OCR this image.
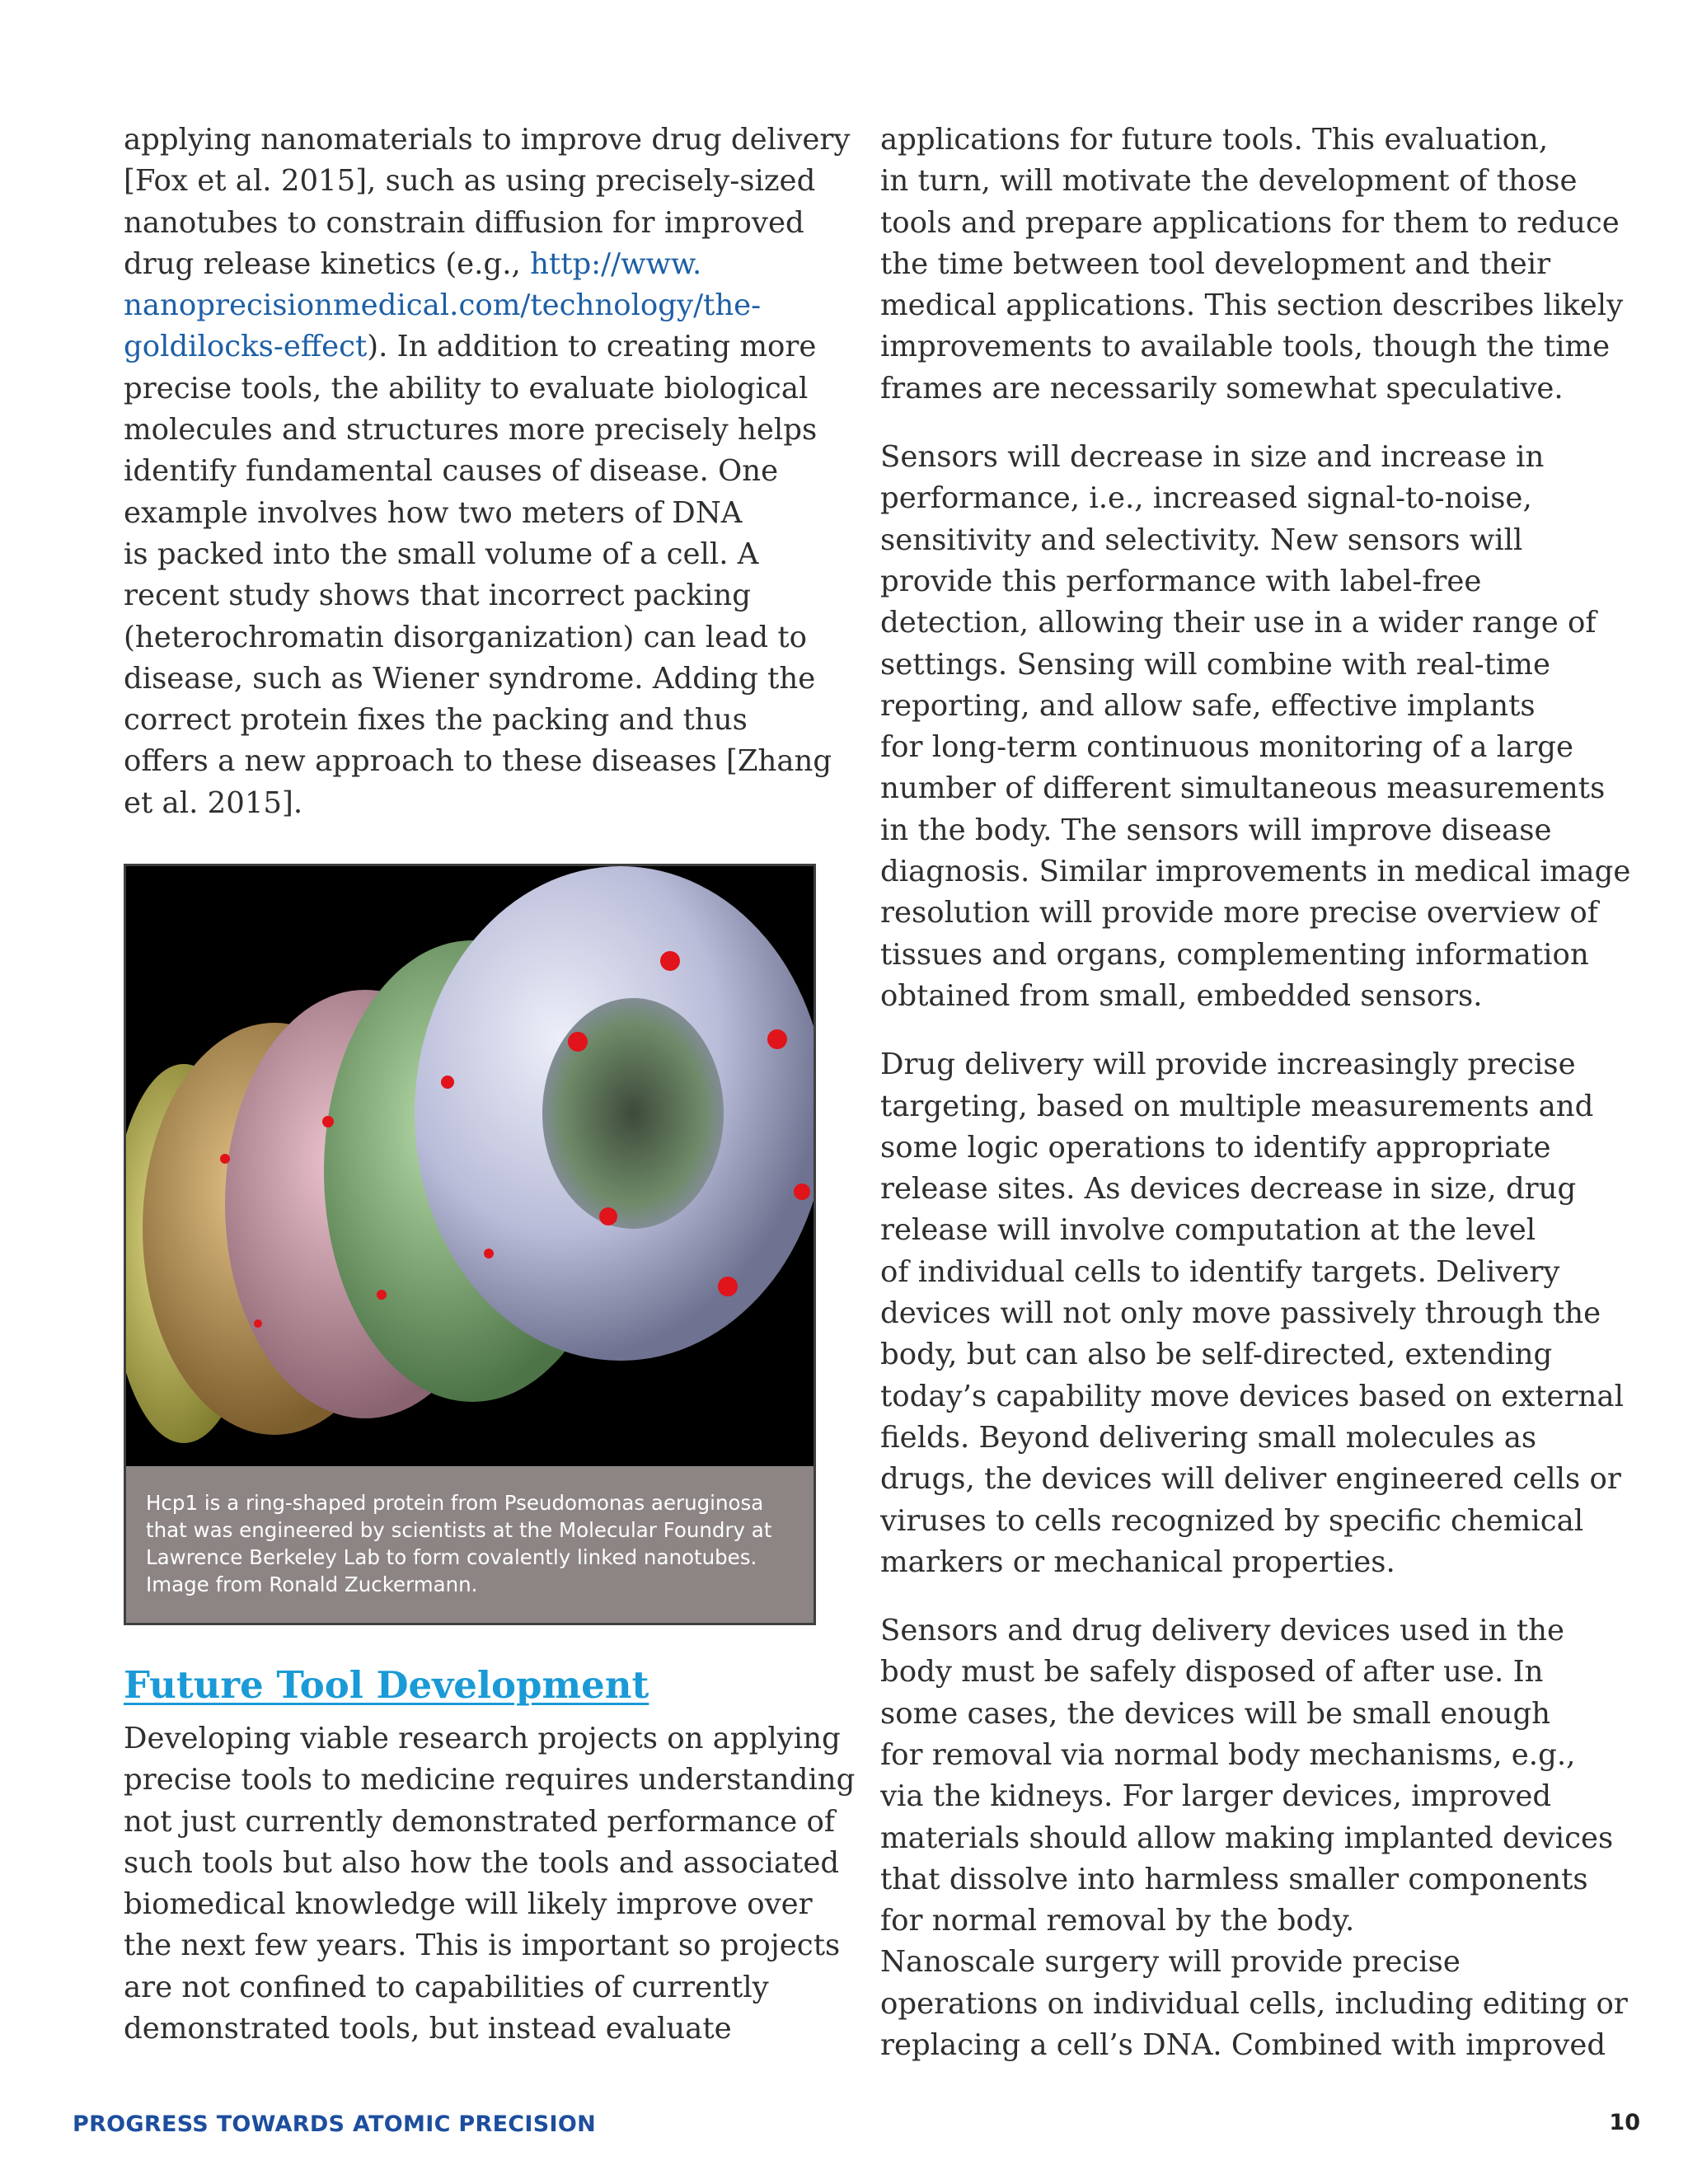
applying nanomaterials to improve drug delivery
[Fox et al. 2015], such as using precisely-sized
nanotubes to constrain diffusion for improved
drug release kinetics (e.g., http://www.
nanoprecisionmedical.com/technology/the-
goldilocks-effect). In addition to creating more
precise tools, the ability to evaluate biological
molecules and structures more precisely helps
identify fundamental causes of disease. One
example involves how two meters of DNA
is packed into the small volume of a cell. A
recent study shows that incorrect packing
(heterochromatin disorganization) can lead to
disease, such as Wiener syndrome. Adding the
correct protein fixes the packing and thus
offers a new approach to these diseases [Zhang
et al. 2015].

Hcp1 is a ring-shaped protein from Pseudomonas aeruginosa
that was engineered by scientists at the Molecular Foundry at
Lawrence Berkeley Lab to form covalently linked nanotubes.
Image from Ronald Zuckermann.
Future Tool Development

Developing viable research projects on applying
precise tools to medicine requires understanding
not just currently demonstrated performance of
such tools but also how the tools and associated
biomedical knowledge will likely improve over
the next few years. This is important so projects
are not confined to capabilities of currently
demonstrated tools, but instead evaluate

applications for future tools. This evaluation,
in turn, will motivate the development of those
tools and prepare applications for them to reduce
the time between tool development and their
medical applications. This section describes likely
improvements to available tools, though the time
frames are necessarily somewhat speculative.

Sensors will decrease in size and increase in
performance, i.e., increased signal-to-noise,
sensitivity and selectivity. New sensors will
provide this performance with label-free
detection, allowing their use in a wider range of
settings. Sensing will combine with real-time
reporting, and allow safe, effective implants
for long-term continuous monitoring of a large
number of different simultaneous measurements
in the body. The sensors will improve disease
diagnosis. Similar improvements in medical image
resolution will provide more precise overview of
tissues and organs, complementing information
obtained from small, embedded sensors.

Drug delivery will provide increasingly precise
targeting, based on multiple measurements and
some logic operations to identify appropriate
release sites. As devices decrease in size, drug
release will involve computation at the level
of individual cells to identify targets. Delivery
devices will not only move passively through the
body, but can also be self-directed, extending
today’s capability move devices based on external
fields. Beyond delivering small molecules as
drugs, the devices will deliver engineered cells or
viruses to cells recognized by specific chemical
markers or mechanical properties.

Sensors and drug delivery devices used in the
body must be safely disposed of after use. In
some cases, the devices will be small enough
for removal via normal body mechanisms, e.g.,
via the kidneys. For larger devices, improved
materials should allow making implanted devices
that dissolve into harmless smaller components
for normal removal by the body.
Nanoscale surgery will provide precise
operations on individual cells, including editing or
replacing a cell’s DNA. Combined with improved

PROGRESS TOWARDS ATOMIC PRECISION	10
